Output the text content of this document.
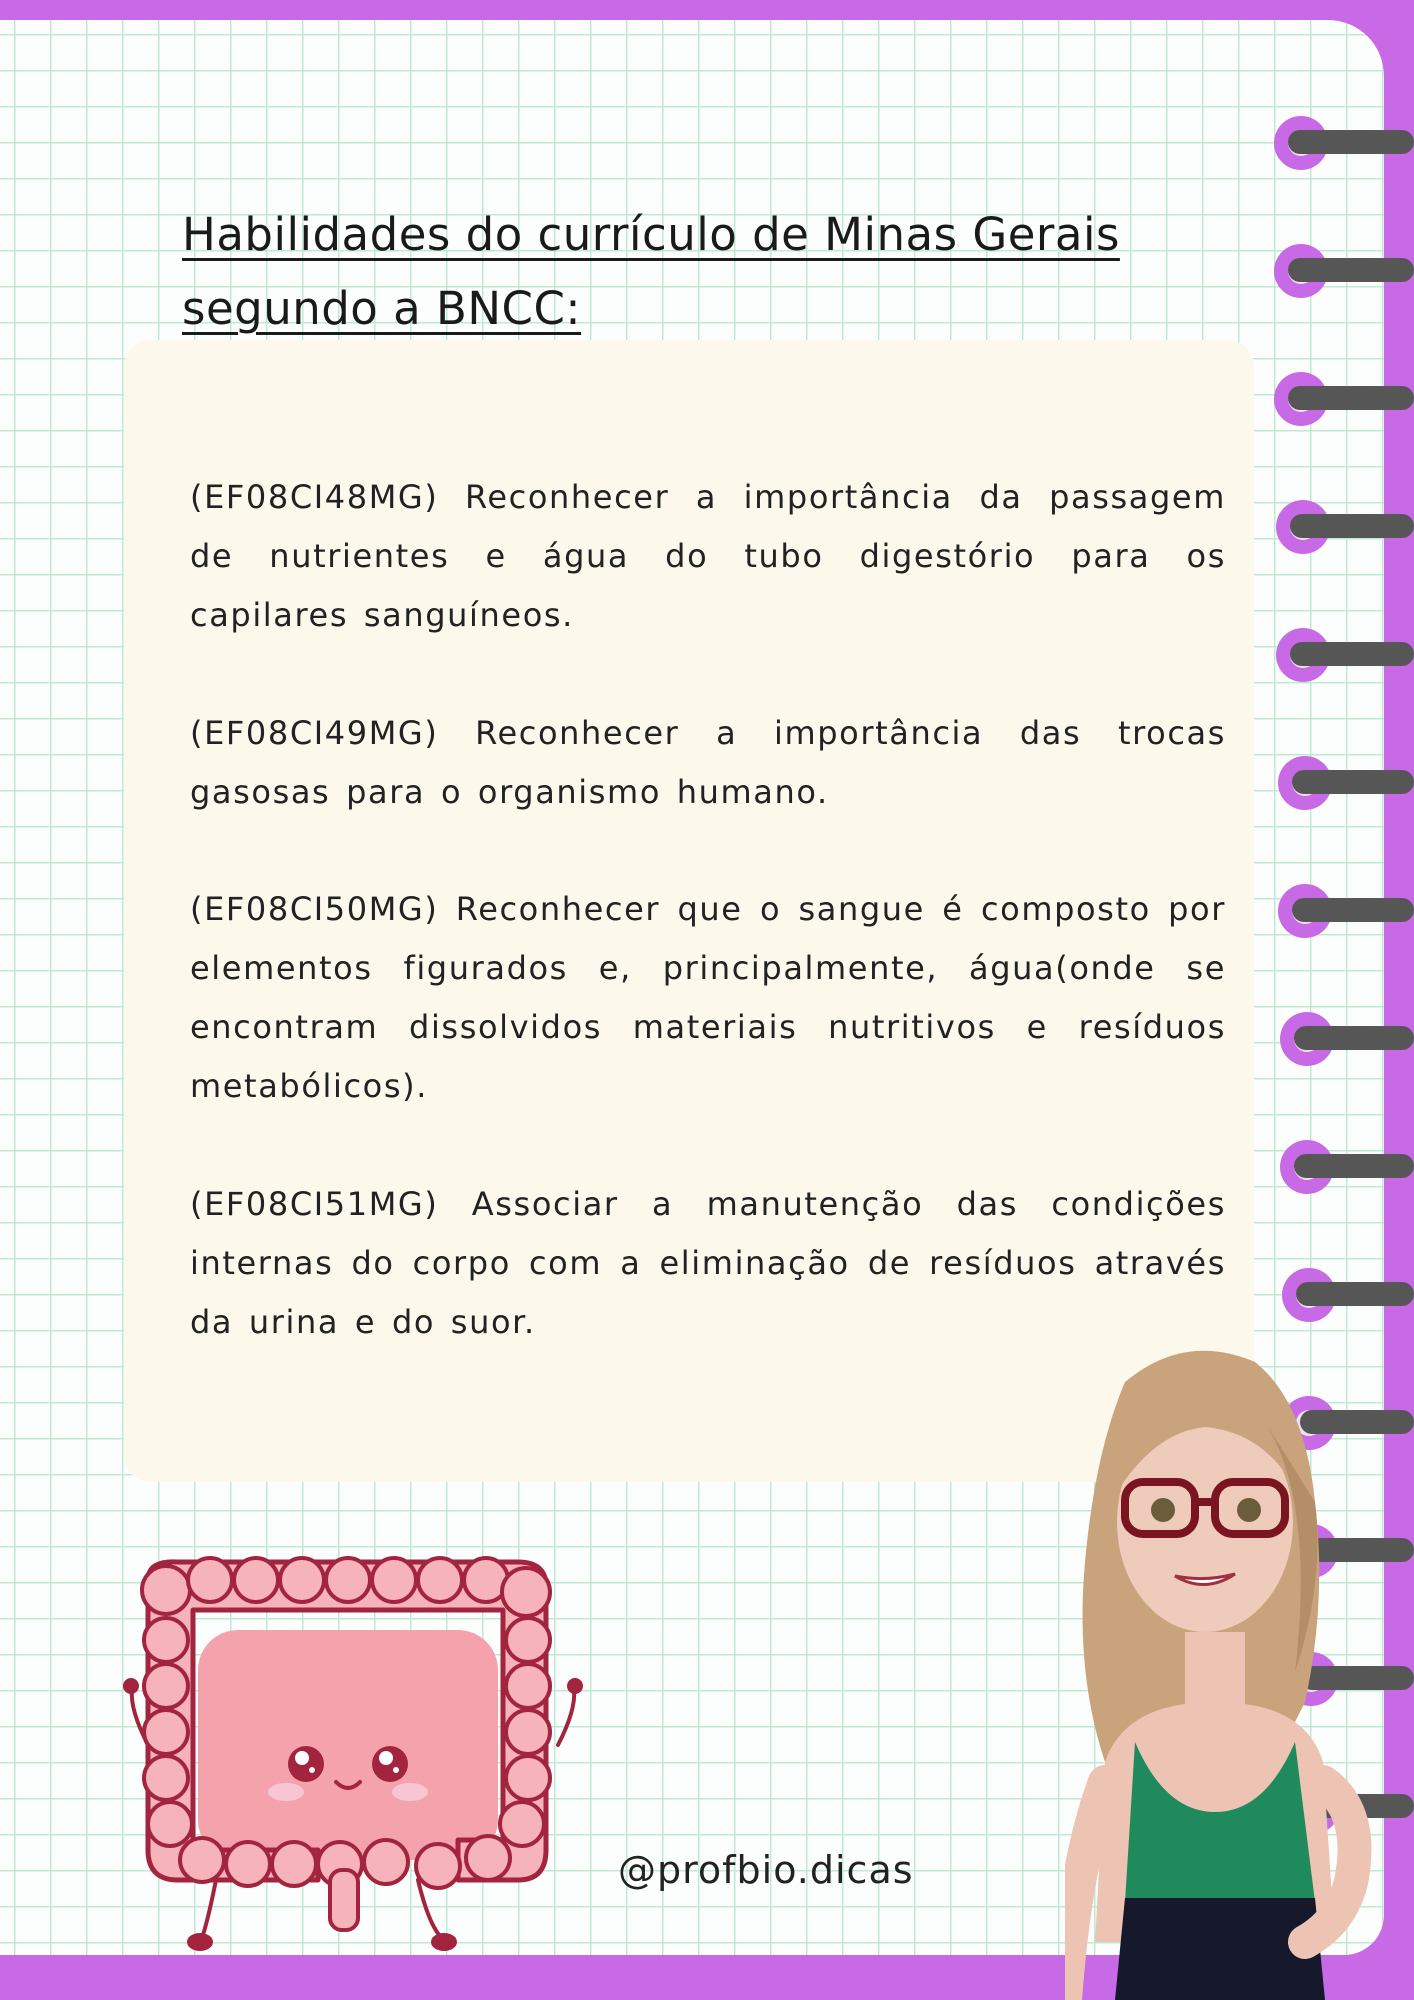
Habilidades do currículo de Minas Gerais
segundo a BNCC:
(EF08CI48MG) Reconhecer a importância da passagem de nutrientes e água do tubo digestório para os capilares sanguíneos.
(EF08CI49MG) Reconhecer a importância das trocas gasosas para o organismo humano.
(EF08CI50MG) Reconhecer que o sangue é composto por elementos figurados e, principalmente, água(onde se encontram dissolvidos materiais nutritivos e resíduos metabólicos).
(EF08CI51MG) Associar a manutenção das condições internas do corpo com a eliminação de resíduos através da urina e do suor.
@profbio.dicas
